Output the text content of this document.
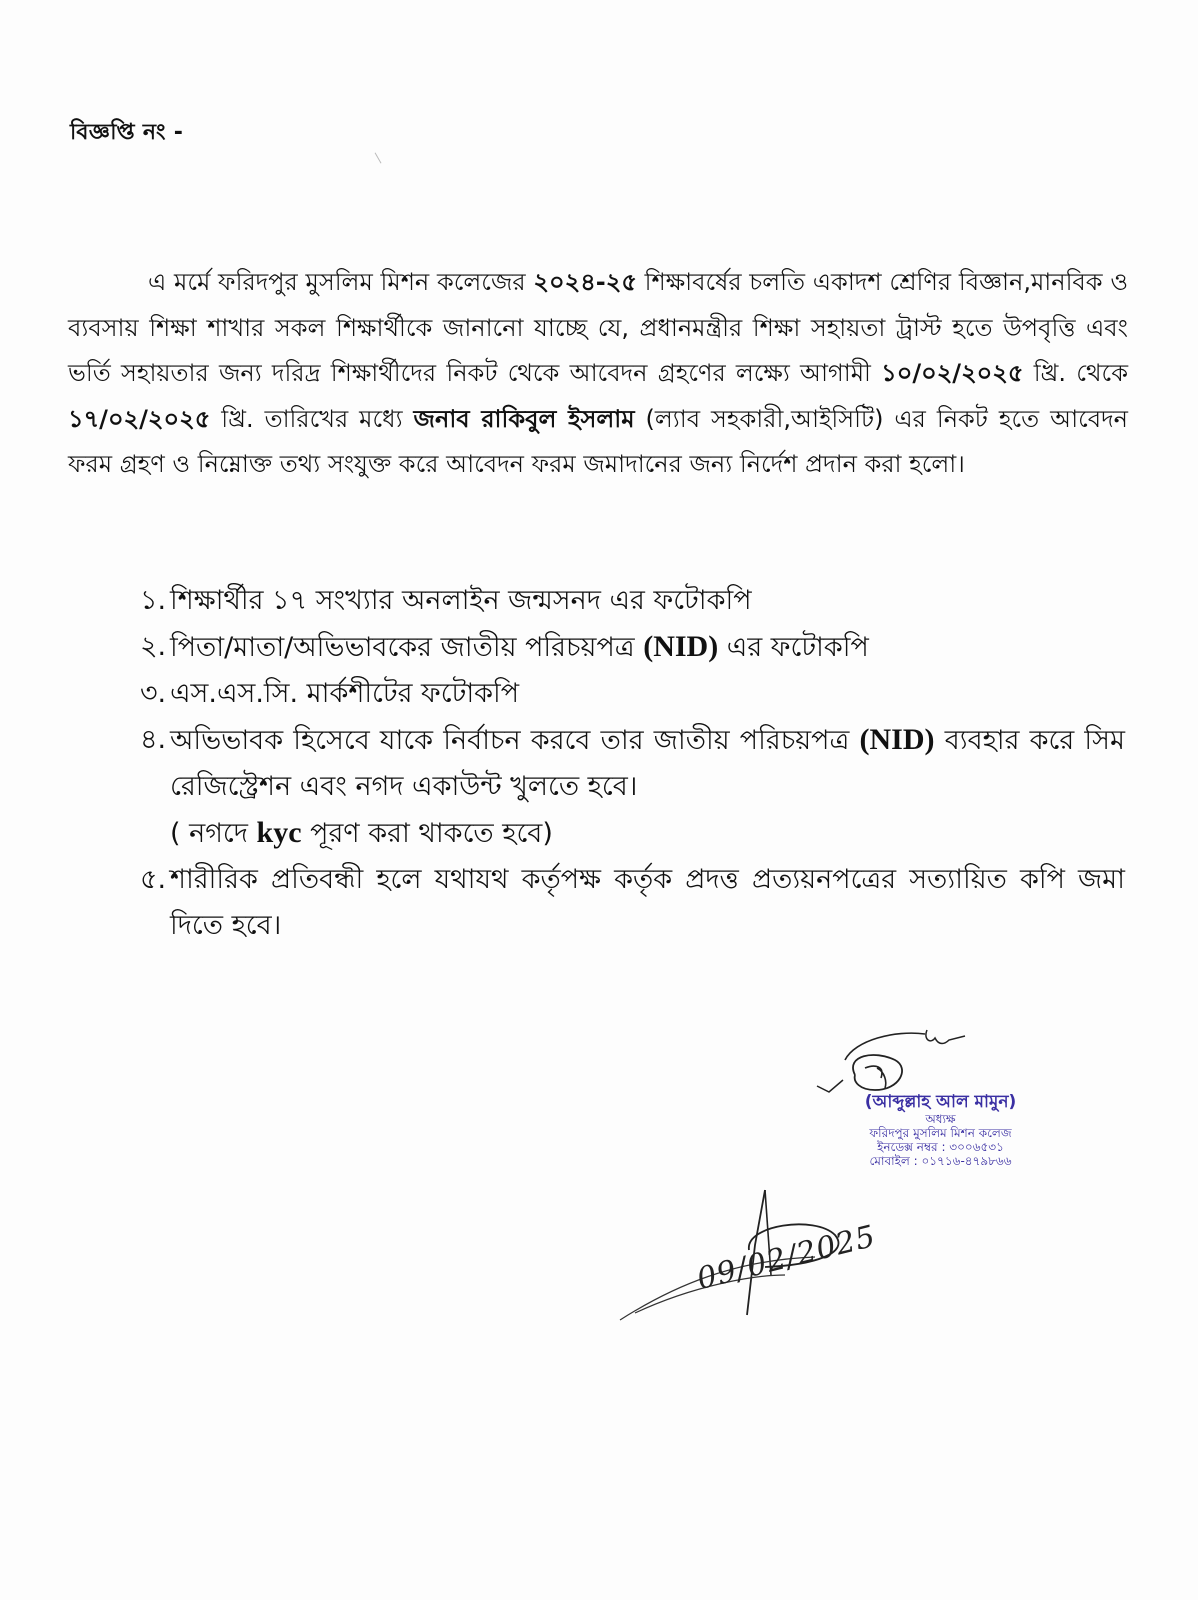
বিজ্ঞপ্তি নং -

এ মর্মে ফরিদপুর মুসলিম মিশন কলেজের ২০২৪-২৫ শিক্ষাবর্ষের চলতি একাদশ শ্রেণির বিজ্ঞান,মানবিক ও ব্যবসায় শিক্ষা শাখার সকল শিক্ষার্থীকে জানানো যাচ্ছে যে, প্রধানমন্ত্রীর শিক্ষা সহায়তা ট্রাস্ট হতে উপবৃত্তি এবং ভর্তি সহায়তার জন্য দরিদ্র শিক্ষার্থীদের নিকট থেকে আবেদন গ্রহণের লক্ষ্যে আগামী ১০/০২/২০২৫ খ্রি. থেকে ১৭/০২/২০২৫ খ্রি. তারিখের মধ্যে জনাব রাকিবুল ইসলাম (ল্যাব সহকারী,আইসিটি) এর নিকট হতে আবেদন ফরম গ্রহণ ও নিম্নোক্ত তথ্য সংযুক্ত করে আবেদন ফরম জমাদানের জন্য নির্দেশ প্রদান করা হলো।

১. শিক্ষার্থীর ১৭ সংখ্যার অনলাইন জন্মসনদ এর ফটোকপি
২. পিতা/মাতা/অভিভাবকের জাতীয় পরিচয়পত্র (NID) এর ফটোকপি
৩. এস.এস.সি. মার্কশীটের ফটোকপি
৪. অভিভাবক হিসেবে যাকে নির্বাচন করবে তার জাতীয় পরিচয়পত্র (NID) ব্যবহার করে সিম রেজিস্ট্রেশন এবং নগদ একাউন্ট খুলতে হবে।
( নগদে kyc পূরণ করা থাকতে হবে)
৫. শারীরিক প্রতিবন্ধী হলে যথাযথ কর্তৃপক্ষ কর্তৃক প্রদত্ত প্রত্যয়নপত্রের সত্যায়িত কপি জমা দিতে হবে।
(আব্দুল্লাহ আল মামুন)
অধ্যক্ষ
ফরিদপুর মুসলিম মিশন কলেজ
ইনডেক্স নম্বর : ৩০০৬৫৩১
মোবাইল : ০১৭১৬-৪৭৯৮৬৬
09/02/2025
